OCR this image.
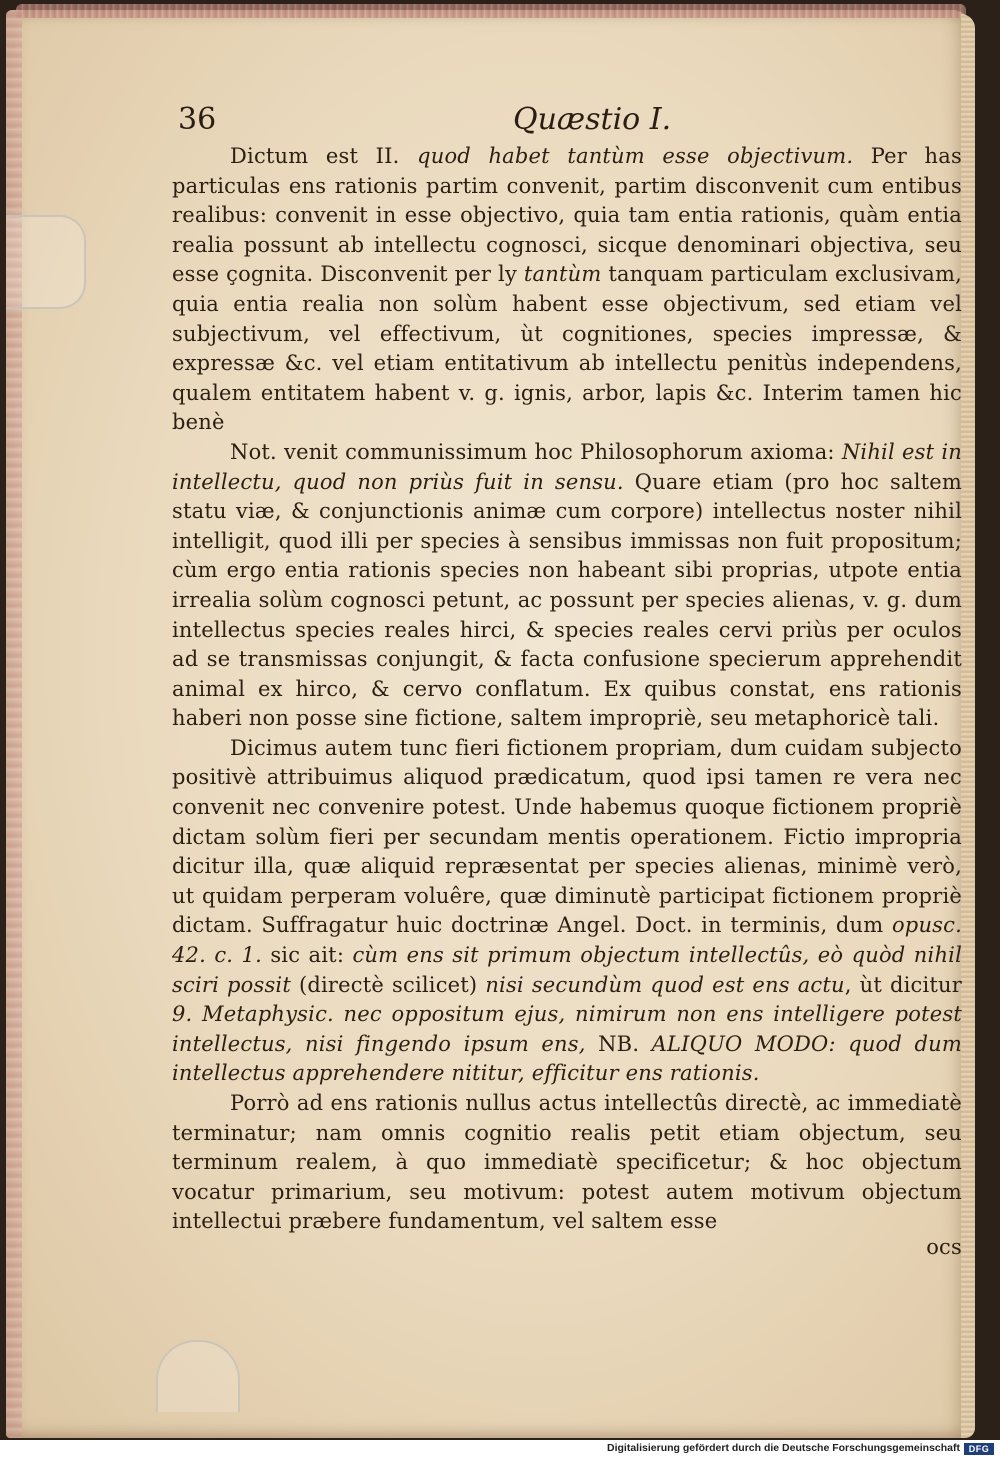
36	Quæstio I.

Dictum est II. quod habet tantùm esse objectivum. Per has particulas ens rationis partim convenit, partim disconvenit cum entibus realibus: convenit in esse objectivo, quia tam entia rationis, quàm entia realia possunt ab intellectu cognosci, sicque denominari objectiva, seu esse çognita. Disconvenit per ly tantùm tanquam particulam exclusivam, quia entia realia non solùm habent esse objectivum, sed etiam vel subjectivum, vel effectivum, ùt cognitiones, species impressæ, & expressæ &c. vel etiam entitativum ab intellectu penitùs independens, qualem entitatem habent v. g. ignis, arbor, lapis &c. Interim tamen hic benè

Not. venit communissimum hoc Philosophorum axioma: Nihil est in intellectu, quod non priùs fuit in sensu. Quare etiam (pro hoc saltem statu viæ, & conjunctionis animæ cum corpore) intellectus noster nihil intelligit, quod illi per species à sensibus immissas non fuit propositum; cùm ergo entia rationis species non habeant sibi proprias, utpote entia irrealia solùm cognosci petunt, ac possunt per species alienas, v. g. dum intellectus species reales hirci, & species reales cervi priùs per oculos ad se transmissas conjungit, & facta confusione specierum apprehendit animal ex hirco, & cervo conflatum. Ex quibus constat, ens rationis haberi non posse sine fictione, saltem impropriè, seu metaphoricè tali.

Dicimus autem tunc fieri fictionem propriam, dum cuidam subjecto positivè attribuimus aliquod prædicatum, quod ipsi tamen re vera nec convenit nec convenire potest. Unde habemus quoque fictionem propriè dictam solùm fieri per secundam mentis operationem. Fictio impropria dicitur illa, quæ aliquid repræsentat per species alienas, minimè verò, ut quidam perperam voluêre, quæ diminutè participat fictionem propriè dictam. Suffragatur huic doctrinæ Angel. Doct. in terminis, dum opusc. 42. c. 1. sic ait: cùm ens sit primum objectum intellectûs, eò quòd nihil sciri possit (directè scilicet) nisi secundùm quod est ens actu, ùt dicitur 9. Metaphysic. nec oppositum ejus, nimirum non ens intelligere potest intellectus, nisi fingendo ipsum ens, NB. ALIQUO MODO: quod dum intellectus apprehendere nititur, efficitur ens rationis.

Porrò ad ens rationis nullus actus intellectûs directè, ac immediatè terminatur; nam omnis cognitio realis petit etiam objectum, seu terminum realem, à quo immediatè specificetur; & hoc objectum vocatur primarium, seu motivum: potest autem motivum objectum intellectui præbere fundamentum, vel saltem esse

ocs

Digitalisierung gefördert durch die Deutsche Forschungsgemeinschaft DFG
